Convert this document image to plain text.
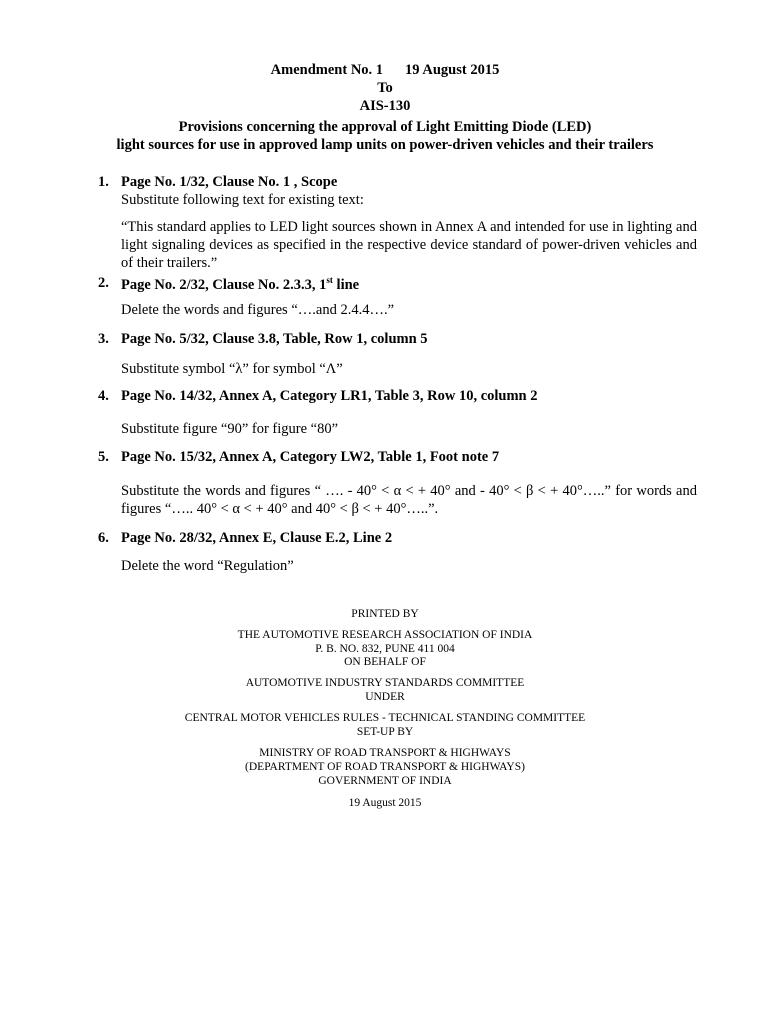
Amendment No. 1 19 August 2015
To
AIS-130
Provisions concerning the approval of Light Emitting Diode (LED)
light sources for use in approved lamp units on power-driven vehicles and their trailers
1. Page No. 1/32, Clause No. 1 , Scope
Substitute following text for existing text:
“This standard applies to LED light sources shown in Annex A and intended for use in lighting and light signaling devices as specified in the respective device standard of power-driven vehicles and of their trailers.”
2. Page No. 2/32, Clause No. 2.3.3, 1st line
Delete the words and figures “….and 2.4.4….”
3. Page No. 5/32, Clause 3.8, Table, Row 1, column 5
Substitute symbol “λ” for symbol “Λ”
4. Page No. 14/32, Annex A, Category LR1, Table 3, Row 10, column 2
Substitute figure “90” for figure “80”
5. Page No. 15/32, Annex A, Category LW2, Table 1, Foot note 7
Substitute the words and figures “ …. - 40° < α < + 40° and - 40° < β < + 40°…..” for words and figures “….. 40° < α < + 40° and 40° < β < + 40°…..”.
6. Page No. 28/32, Annex E, Clause E.2, Line 2
Delete the word “Regulation”
PRINTED BY
THE AUTOMOTIVE RESEARCH ASSOCIATION OF INDIA
P. B. NO. 832, PUNE 411 004
ON BEHALF OF
AUTOMOTIVE INDUSTRY STANDARDS COMMITTEE
UNDER
CENTRAL MOTOR VEHICLES RULES - TECHNICAL STANDING COMMITTEE
SET-UP BY
MINISTRY OF ROAD TRANSPORT & HIGHWAYS
(DEPARTMENT OF ROAD TRANSPORT & HIGHWAYS)
GOVERNMENT OF INDIA
19 August 2015
